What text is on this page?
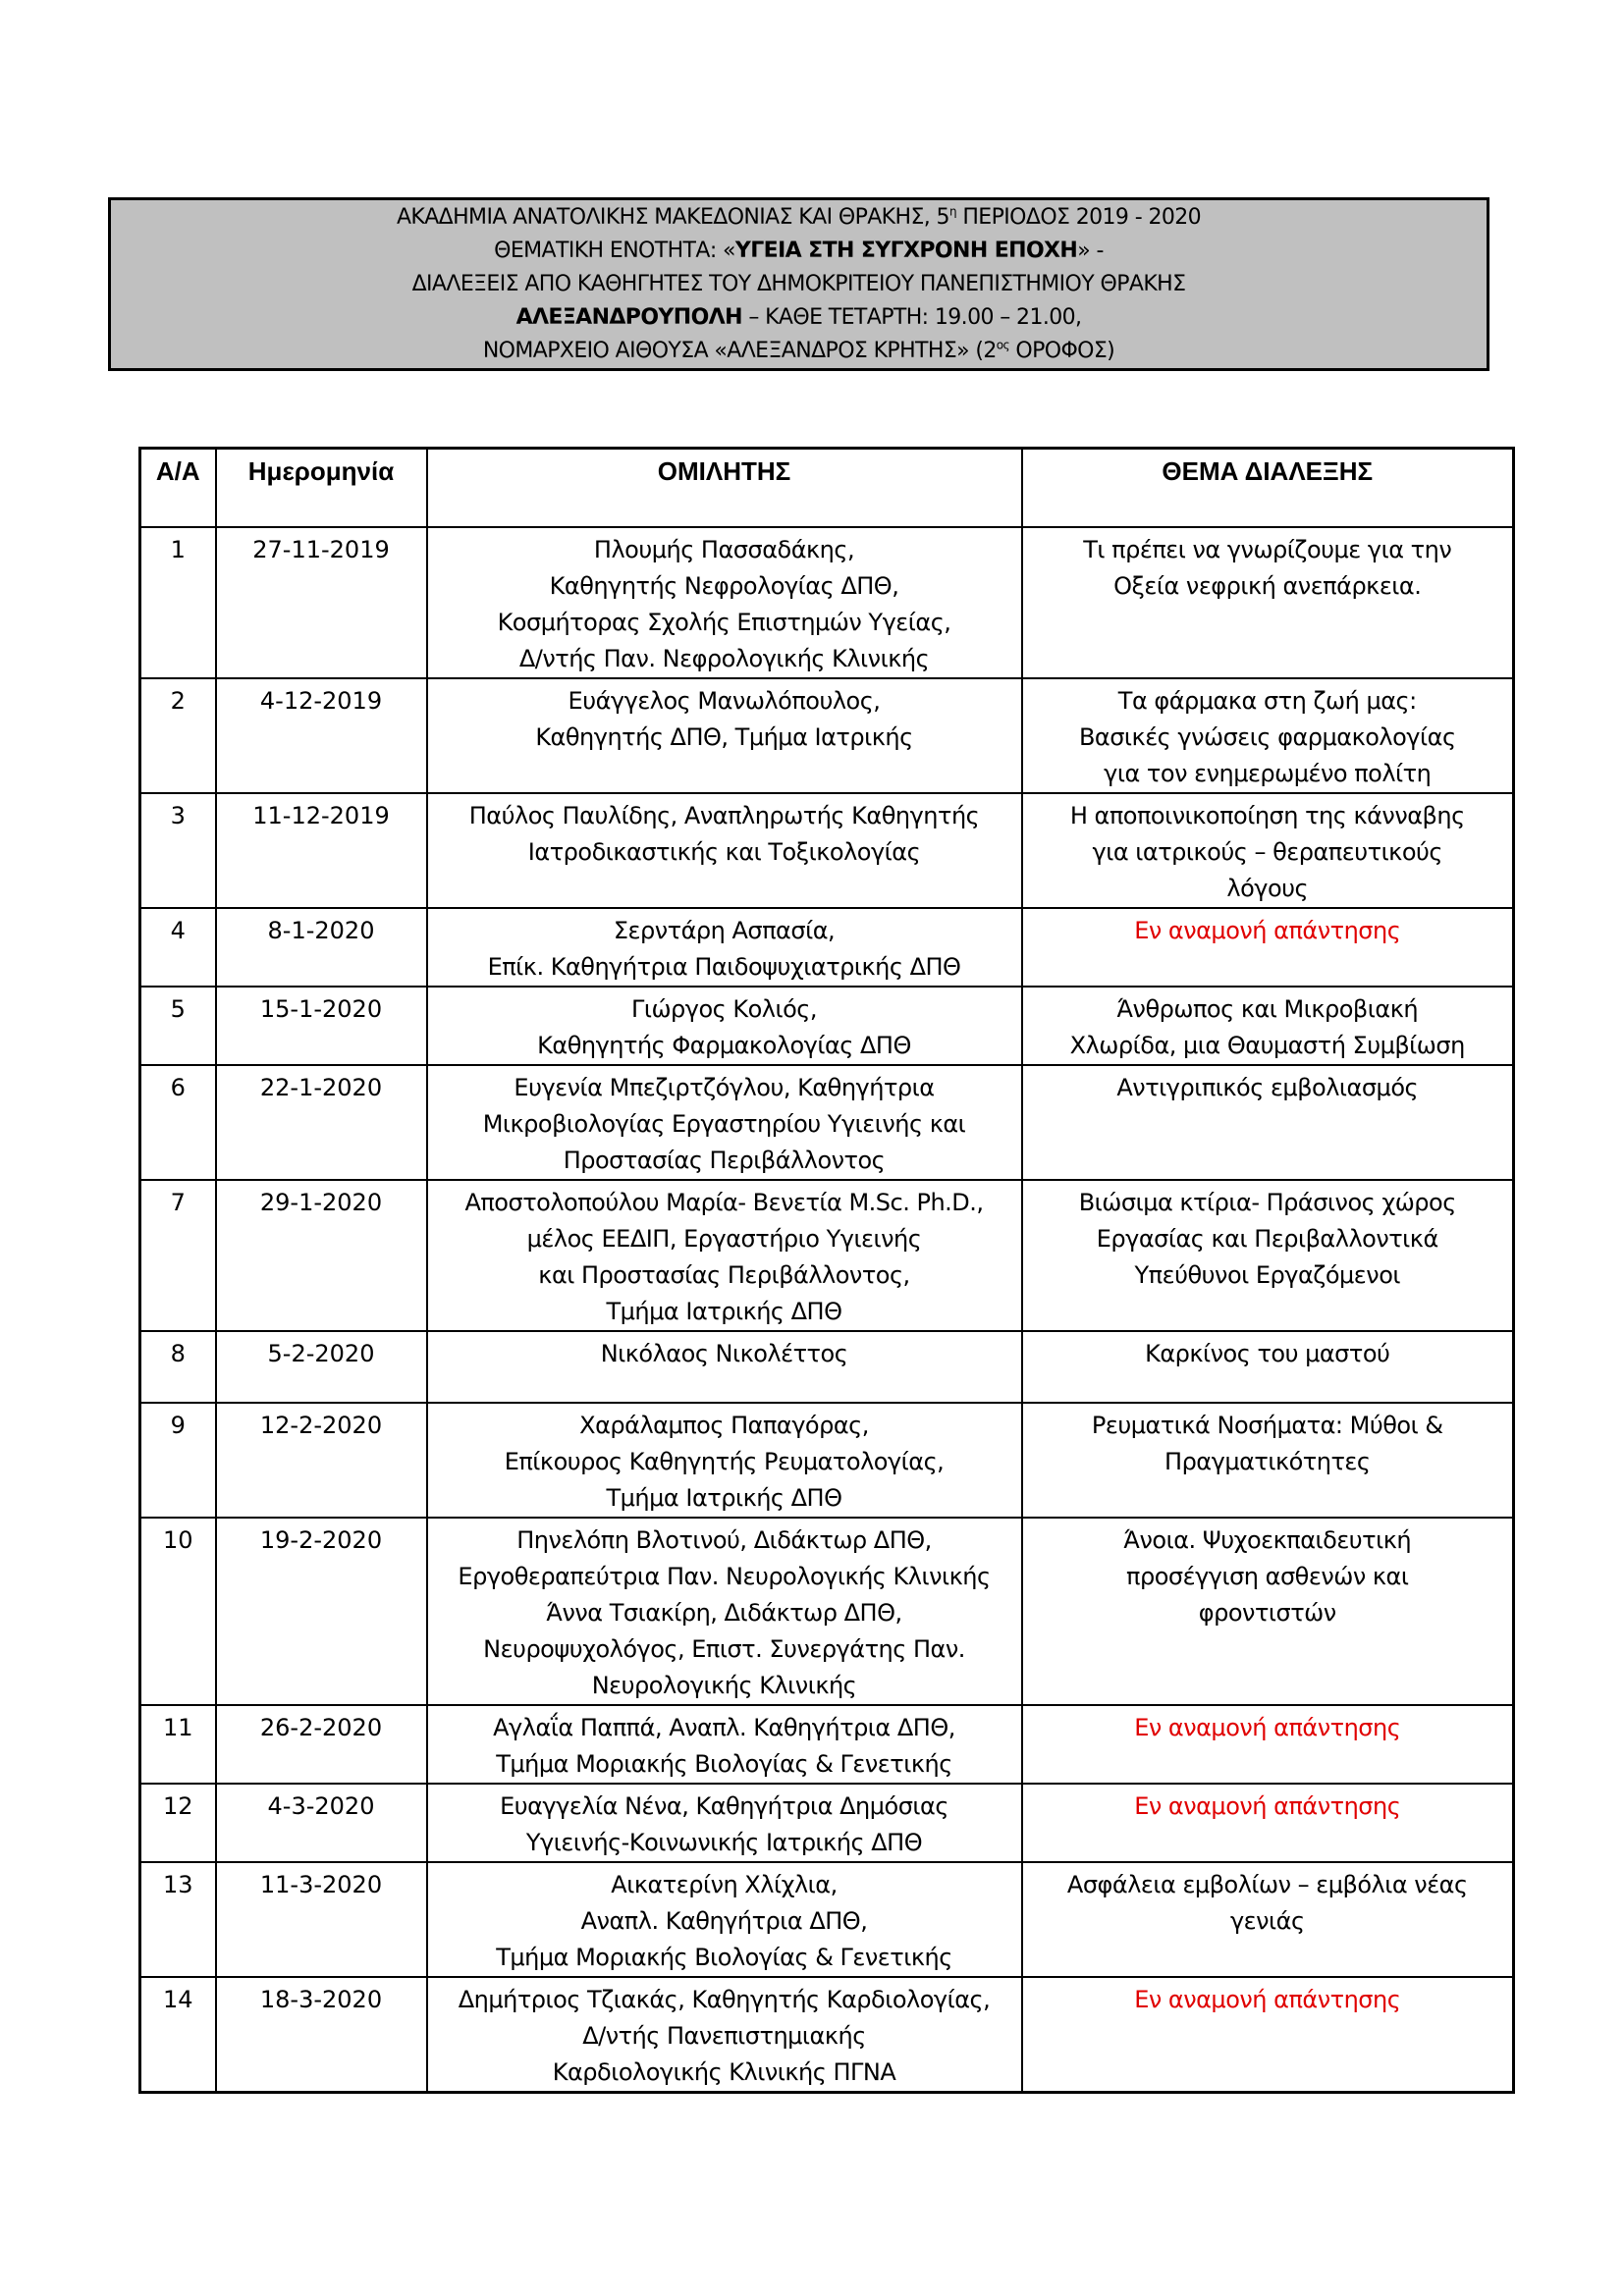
ΑΚΑΔΗΜΙΑ ΑΝΑΤΟΛΙΚΗΣ ΜΑΚΕΔΟΝΙΑΣ ΚΑΙ ΘΡΑΚΗΣ, $5^\eta$ ΠΕΡΙΟΔΟΣ 2019 - 2020
ΘΕΜΑΤΙΚΗ ΕΝΟΤΗΤΑ: «ΥΓΕΙΑ ΣΤΗ ΣΥΓΧΡΟΝΗ ΕΠΟΧΗ» -
ΔΙΑΛΕΞΕΙΣ ΑΠΟ ΚΑΘΗΓΗΤΕΣ ΤΟΥ ΔΗΜΟΚΡΙΤΕΙΟΥ ΠΑΝΕΠΙΣΤΗΜΙΟΥ ΘΡΑΚΗΣ
ΑΛΕΞΑΝΔΡΟΥΠΟΛΗ – ΚΑΘΕ ΤΕΤΑΡΤΗ: 19.00 – 21.00,
ΝΟΜΑΡΧΕΙΟ ΑΙΘΟΥΣΑ «ΑΛΕΞΑΝΔΡΟΣ ΚΡΗΤΗΣ» ($2^{o\varsigma}$ ΟΡΟΦΟΣ)
Α/Α	Ημερομηνία	ΟΜΙΛΗΤΗΣ	ΘΕΜΑ ΔΙΑΛΕΞΗΣ
1	27-11-2019	Πλουμής Πασσαδάκης,
Καθηγητής Νεφρολογίας ΔΠΘ,
Κοσμήτορας Σχολής Επιστημών Υγείας,
Δ/ντής Παν. Νεφρολογικής Κλινικής	Τι πρέπει να γνωρίζουμε για την
Οξεία νεφρική ανεπάρκεια.

2	4-12-2019	Ευάγγελος Μανωλόπουλος,
Καθηγητής ΔΠΘ, Τμήμα Ιατρικής	Τα φάρμακα στη ζωή μας:
Βασικές γνώσεις φαρμακολογίας
για τον ενημερωμένο πολίτη

3	11-12-2019	Παύλος Παυλίδης, Αναπληρωτής Καθηγητής
Ιατροδικαστικής και Τοξικολογίας	Η αποποινικοποίηση της κάνναβης
για ιατρικούς – θεραπευτικούς
λόγους

4	8-1-2020	Σερντάρη Ασπασία,
Επίκ. Καθηγήτρια Παιδοψυχιατρικής ΔΠΘ	Εν αναμονή απάντησης

5	15-1-2020	Γιώργος Κολιός,
Καθηγητής Φαρμακολογίας ΔΠΘ	Άνθρωπος και Μικροβιακή
Χλωρίδα, μια Θαυμαστή Συμβίωση

6	22-1-2020	Ευγενία Μπεζιρτζόγλου, Καθηγήτρια
Μικροβιολογίας Εργαστηρίου Υγιεινής και
Προστασίας Περιβάλλοντος	Αντιγριπικός εμβολιασμός

7	29-1-2020	Αποστολοπούλου Μαρία- Βενετία M.Sc. Ph.D.,
μέλος ΕΕΔΙΠ, Εργαστήριο Υγιεινής
και Προστασίας Περιβάλλοντος,
Τμήμα Ιατρικής ΔΠΘ	Βιώσιμα κτίρια- Πράσινος χώρος
Εργασίας και Περιβαλλοντικά
Υπεύθυνοι Εργαζόμενοι

8	5-2-2020	Νικόλαος Νικολέττος	Καρκίνος του μαστού

9	12-2-2020	Χαράλαμπος Παπαγόρας,
Επίκουρος Καθηγητής Ρευματολογίας,
Τμήμα Ιατρικής ΔΠΘ	Ρευματικά Νοσήματα: Μύθοι &
Πραγματικότητες

10	19-2-2020	Πηνελόπη Βλοτινού, Διδάκτωρ ΔΠΘ,
Εργοθεραπεύτρια Παν. Νευρολογικής Κλινικής
Άννα Τσιακίρη, Διδάκτωρ ΔΠΘ,
Νευροψυχολόγος, Επιστ. Συνεργάτης Παν.
Νευρολογικής Κλινικής	Άνοια. Ψυχοεκπαιδευτική
προσέγγιση ασθενών και
φροντιστών

11	26-2-2020	Αγλαΐα Παππά, Αναπλ. Καθηγήτρια ΔΠΘ,
Τμήμα Μοριακής Βιολογίας & Γενετικής	Εν αναμονή απάντησης

12	4-3-2020	Ευαγγελία Νένα, Καθηγήτρια Δημόσιας
Υγιεινής-Κοινωνικής Ιατρικής ΔΠΘ	Εν αναμονή απάντησης

13	11-3-2020	Αικατερίνη Χλίχλια,
Αναπλ. Καθηγήτρια ΔΠΘ,
Τμήμα Μοριακής Βιολογίας & Γενετικής	Ασφάλεια εμβολίων – εμβόλια νέας
γενιάς

14	18-3-2020	Δημήτριος Τζιακάς, Καθηγητής Καρδιολογίας,
Δ/ντής Πανεπιστημιακής
Καρδιολογικής Κλινικής ΠΓΝΑ	Εν αναμονή απάντησης
